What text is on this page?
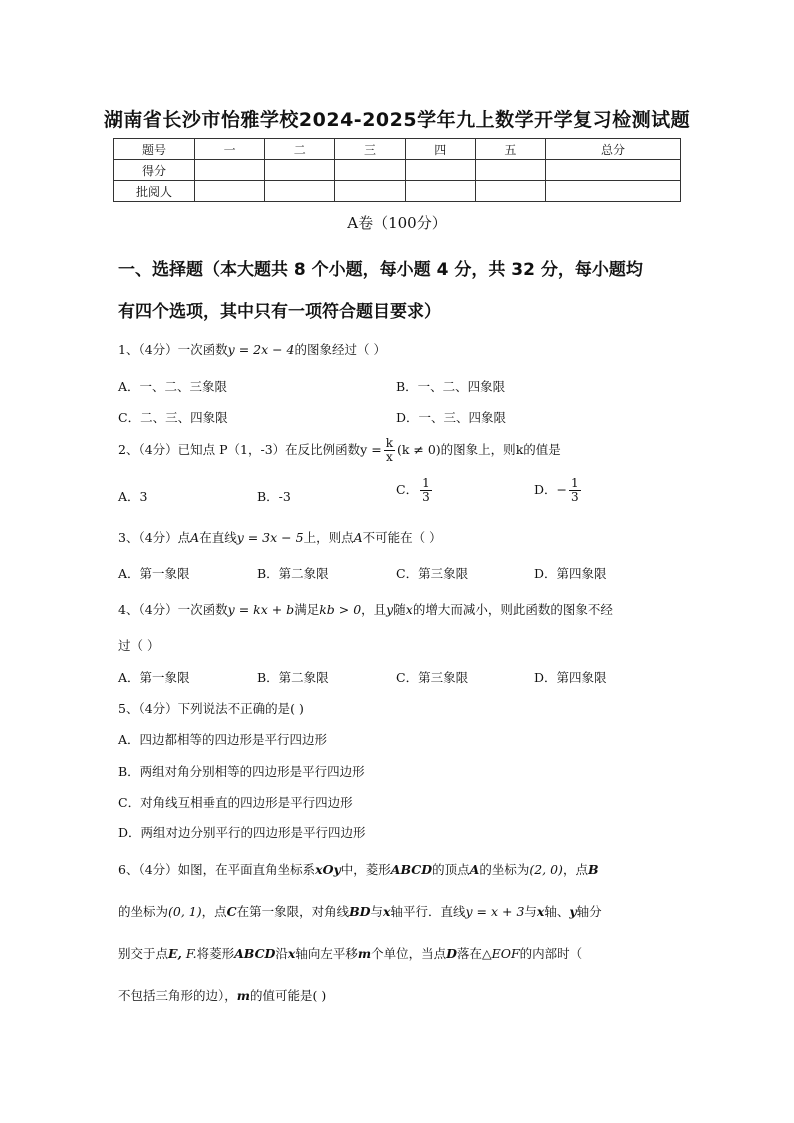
湖南省长沙市怡雅学校2024-2025学年九上数学开学复习检测试题
题号	一	二	三	四	五	总分
得分						
批阅人						
A卷（100分）
一、选择题（本大题共 8 个小题，每小题 4 分，共 32 分，每小题均
有四个选项，其中只有一项符合题目要求）
1、（4分）一次函数y = 2x − 4的图象经过（ ）
A．一、二、三象限	B．一、二、四象限
C．二、三、四象限	D．一、三、四象限
2、（4分）已知点 P（1，-3）在反比例函数$y = \frac{k}{x} (k \ne 0)$的图象上，则k的值是
A．3	B．-3	C． $\frac{1}{3}$	D．− $\frac{1}{3}$
3、（4分）点A在直线y = 3x − 5上，则点A不可能在（ ）
A．第一象限	B．第二象限	C．第三象限	D．第四象限
4、（4分）一次函数y = kx + b满足kb > 0，且y随x的增大而减小，则此函数的图象不经
过（ ）
A．第一象限	B．第二象限	C．第三象限	D．第四象限
5、（4分）下列说法不正确的是( )
A．四边都相等的四边形是平行四边形
B．两组对角分别相等的四边形是平行四边形
C．对角线互相垂直的四边形是平行四边形
D．两组对边分别平行的四边形是平行四边形
6、（4分）如图，在平面直角坐标系xOy中，菱形ABCD的顶点A的坐标为(2, 0)，点B
的坐标为(0, 1)，点C在第一象限，对角线BD与x轴平行．直线y = x + 3与x轴、y轴分
别交于点E, F.将菱形ABCD沿x轴向左平移m个单位，当点D落在△EOF的内部时（
不包括三角形的边），m的值可能是( )
